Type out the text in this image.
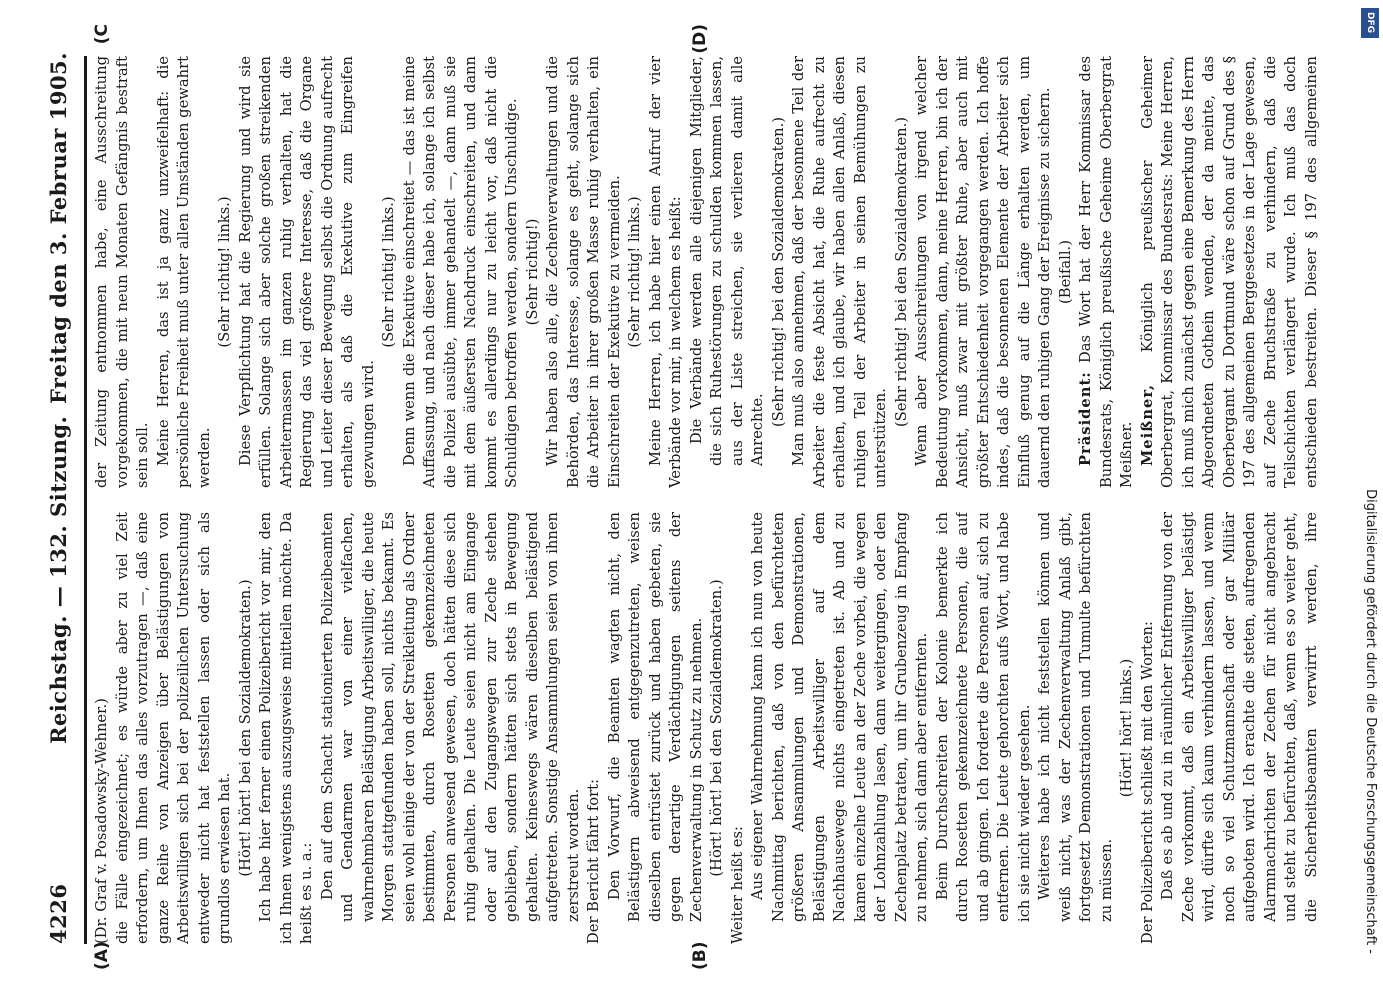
4226
Reichstag. — 132. Sitzung.
Freitag den 3. Februar 1905.
(A)	(B)
(C	(D)

(Dr. Graf v. Posadowsky-Wehner.) die Fälle eingezeichnet; es würde aber zu viel Zeit erfordern, um Ihnen das alles vorzutragen —, daß eine ganze Reihe von Anzeigen über Belästigungen von Arbeitswilligen sich bei der polizeilichen Untersuchung entweder nicht hat feststellen lassen oder sich als grundlos erwiesen hat. (Hört! hört! bei den Sozialdemokraten.) Ich habe hier ferner einen Polizeibericht vor mir, den ich Ihnen wenigstens auszugsweise mitteilen möchte. Da heißt es u. a.: Den auf dem Schacht stationierten Polizeibeamten und Gendarmen war von einer vielfachen, wahrnehmbaren Belästigung Arbeitswilliger, die heute Morgen stattgefunden haben soll, nichts bekannt. Es seien wohl einige der von der Streikleitung als Ordner bestimmten, durch Rosetten gekennzeichneten Personen anwesend gewesen, doch hätten diese sich ruhig gehalten. Die Leute seien nicht am Eingange oder auf den Zugangswegen zur Zeche stehen geblieben, sondern hätten sich stets in Bewegung gehalten. Keineswegs wären dieselben belästigend aufgetreten. Sonstige Ansammlungen seien von ihnen zerstreut worden. Der Bericht fährt fort: Den Vorwurf, die Beamten wagten nicht, den Belästigern abweisend entgegenzutreten, weisen dieselben entrüstet zurück und haben gebeten, sie gegen derartige Verdächtigungen seitens der Zechenverwaltung in Schutz zu nehmen. (Hört! hört! bei den Sozialdemokraten.)

Weiter heißt es: Aus eigener Wahrnehmung kann ich nun von heute Nachmittag berichten, daß von den befürchteten größeren Ansammlungen und Demonstrationen, Belästigungen Arbeitswilliger auf dem Nachhausewege nichts eingetreten ist. Ab und zu kamen einzelne Leute an der Zeche vorbei, die wegen der Lohnzahlung lasen, dann weitergingen, oder den Zechenplatz betraten, um ihr Grubenzeug in Empfang zu nehmen, sich dann aber entfernten. Beim Durchschreiten der Kolonie bemerkte ich durch Rosetten gekennzeichnete Personen, die auf und ab gingen. Ich forderte die Personen auf, sich zu entfernen. Die Leute gehorchten aufs Wort, und habe ich sie nicht wieder gesehen. Weiteres habe ich nicht feststellen können und weiß nicht, was der Zechenverwaltung Anlaß gibt, fortgesetzt Demonstrationen und Tumulte befürchten zu müssen.

(Hört! hört! links.) Der Polizeibericht schließt mit den Worten: Daß es ab und zu in räumlicher Entfernung von der Zeche vorkommt, daß ein Arbeitswilliger belästigt wird, dürfte sich kaum verhindern lassen, und wenn noch so viel Schutzmannschaft oder gar Militär aufgeboten wird. Ich erachte die steten, aufregenden Alarmnachrichten der Zechen für nicht angebracht und steht zu befürchten, daß, wenn es so weiter geht, die Sicherheitsbeamten verwirrt werden, ihre

der Zeitung entnommen habe, eine Ausschreitung vorgekommen, die mit neun Monaten Gefängnis bestraft sein soll. Meine Herren, das ist ja ganz unzweifelhaft: die persönliche Freiheit muß unter allen Umständen gewahrt werden.

(Sehr richtig! links.) Diese Verpflichtung hat die Regierung und wird sie erfüllen. Solange sich aber solche großen streikenden Arbeitermassen im ganzen ruhig verhalten, hat die Regierung das viel größere Interesse, daß die Organe und Leiter dieser Bewegung selbst die Ordnung aufrecht erhalten, als daß die Exekutive zum Eingreifen gezwungen wird.

(Sehr richtig! links.) Denn wenn die Exekutive einschreitet — das ist meine Auffassung, und nach dieser habe ich, solange ich selbst die Polizei ausübte, immer gehandelt —, dann muß sie mit dem äußersten Nachdruck einschreiten, und dann kommt es allerdings nur zu leicht vor, daß nicht die Schuldigen betroffen werden, sondern Unschuldige. (Sehr richtig!) Wir haben also alle, die Zechenverwaltungen und die Behörden, das Interesse, solange es geht, solange sich die Arbeiter in ihrer großen Masse ruhig verhalten, ein Einschreiten der Exekutive zu vermeiden. (Sehr richtig! links.) Meine Herren, ich habe hier einen Aufruf der vier Verbände vor mir, in welchem es heißt: Die Verbände werden alle diejenigen Mitglieder, die sich Ruhestörungen zu schulden kommen lassen, aus der Liste streichen, sie verlieren damit alle Anrechte.

(Sehr richtig! bei den Sozialdemokraten.) Man muß also annehmen, daß der besonnene Teil der Arbeiter die feste Absicht hat, die Ruhe aufrecht zu erhalten, und ich glaube, wir haben allen Anlaß, diesen ruhigen Teil der Arbeiter in seinen Bemühungen zu unterstützen.

(Sehr richtig! bei den Sozialdemokraten.) Wenn aber Ausschreitungen von irgend welcher Bedeutung vorkommen, dann, meine Herren, bin ich der Ansicht, muß zwar mit größter Ruhe, aber auch mit größter Entschiedenheit vorgegangen werden. Ich hoffe indes, daß die besonnenen Elemente der Arbeiter sich Einfluß genug auf die Länge erhalten werden, um dauernd den ruhigen Gang der Ereignisse zu sichern. (Beifall.)

Präsident: Das Wort hat der Herr Kommissar des Bundesrats, Königlich preußische Geheime Oberbergrat Meißner. Meißner, Königlich preußischer Geheimer Oberbergrat, Kommissar des Bundesrats: Meine Herren, ich muß mich zunächst gegen eine Bemerkung des Herrn Abgeordneten Gothein wenden, der da meinte, das Oberbergamt zu Dortmund wäre schon auf Grund des § 197 des allgemeinen Berggesetzes in der Lage gewesen, auf Zeche Bruchstraße zu verhindern, daß die Teilschichten verlängert wurde. Ich muß das doch entschieden bestreiten. Dieser § 197 des allgemeinen

Digitalisierung gefördert durch die Deutsche Forschungsgemeinschaft -
DFG
